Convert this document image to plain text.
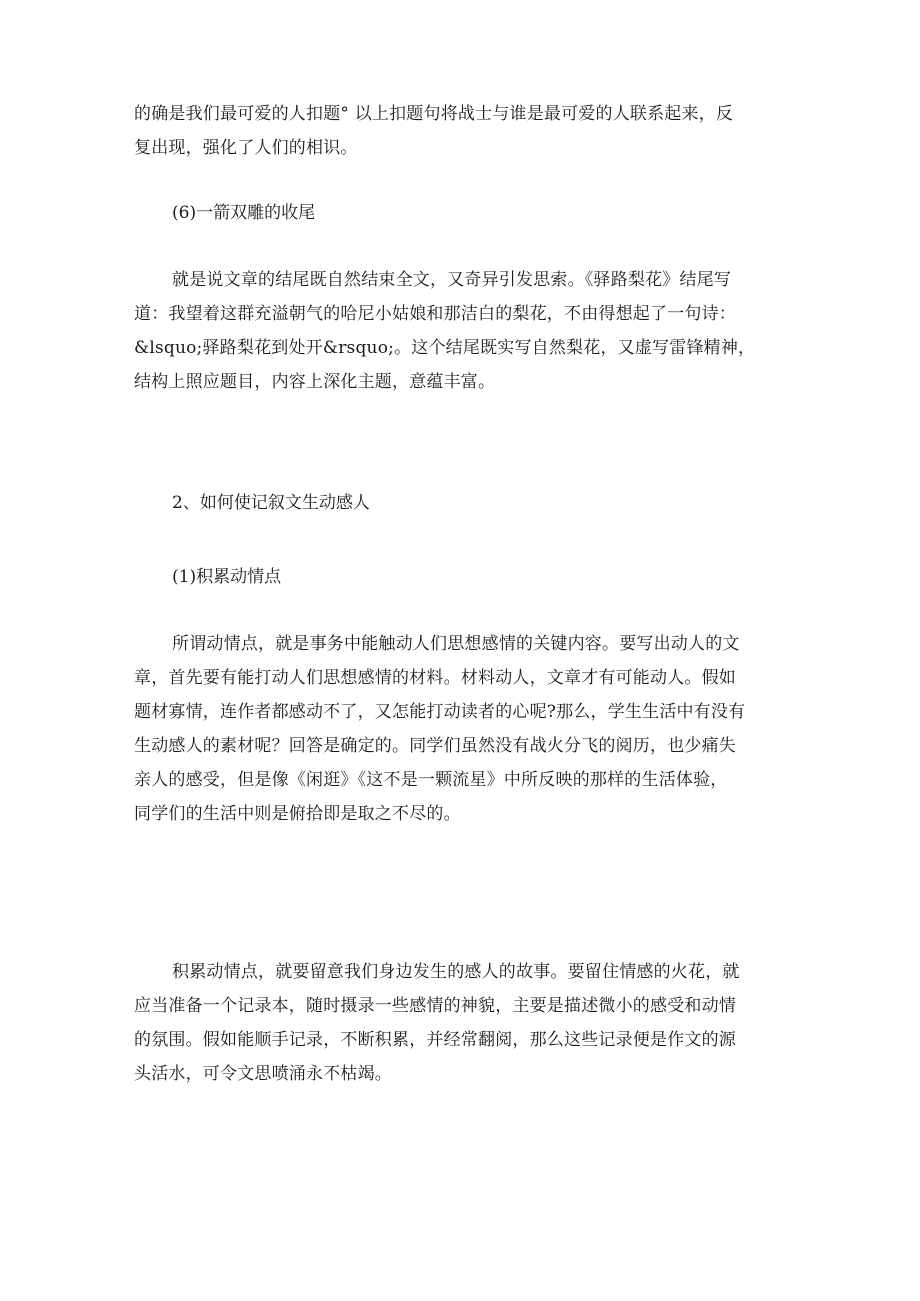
的确是我们最可爱的人扣题° 以上扣题句将战士与谁是最可爱的人联系起来，反
复出现，强化了人们的相识。
(6)一箭双雕的收尾
就是说文章的结尾既自然结束全文，又奇异引发思索。《驿路梨花》结尾写
道：我望着这群充溢朝气的哈尼小姑娘和那洁白的梨花，不由得想起了一句诗：
&lsquo;驿路梨花到处开&rsquo;。这个结尾既实写自然梨花，又虚写雷锋精神，
结构上照应题目，内容上深化主题，意蕴丰富。
2、如何使记叙文生动感人
(1)积累动情点
所谓动情点，就是事务中能触动人们思想感情的关键内容。要写出动人的文
章，首先要有能打动人们思想感情的材料。材料动人，文章才有可能动人。假如
题材寡情，连作者都感动不了，又怎能打动读者的心呢?那么，学生生活中有没有
生动感人的素材呢？回答是确定的。同学们虽然没有战火分飞的阅历，也少痛失
亲人的感受，但是像《闲逛》《这不是一颗流星》中所反映的那样的生活体验，
同学们的生活中则是俯拾即是取之不尽的。
积累动情点，就要留意我们身边发生的感人的故事。要留住情感的火花，就
应当准备一个记录本，随时摄录一些感情的神貌，主要是描述微小的感受和动情
的氛围。假如能顺手记录，不断积累，并经常翻阅，那么这些记录便是作文的源
头活水，可令文思喷涌永不枯竭。
